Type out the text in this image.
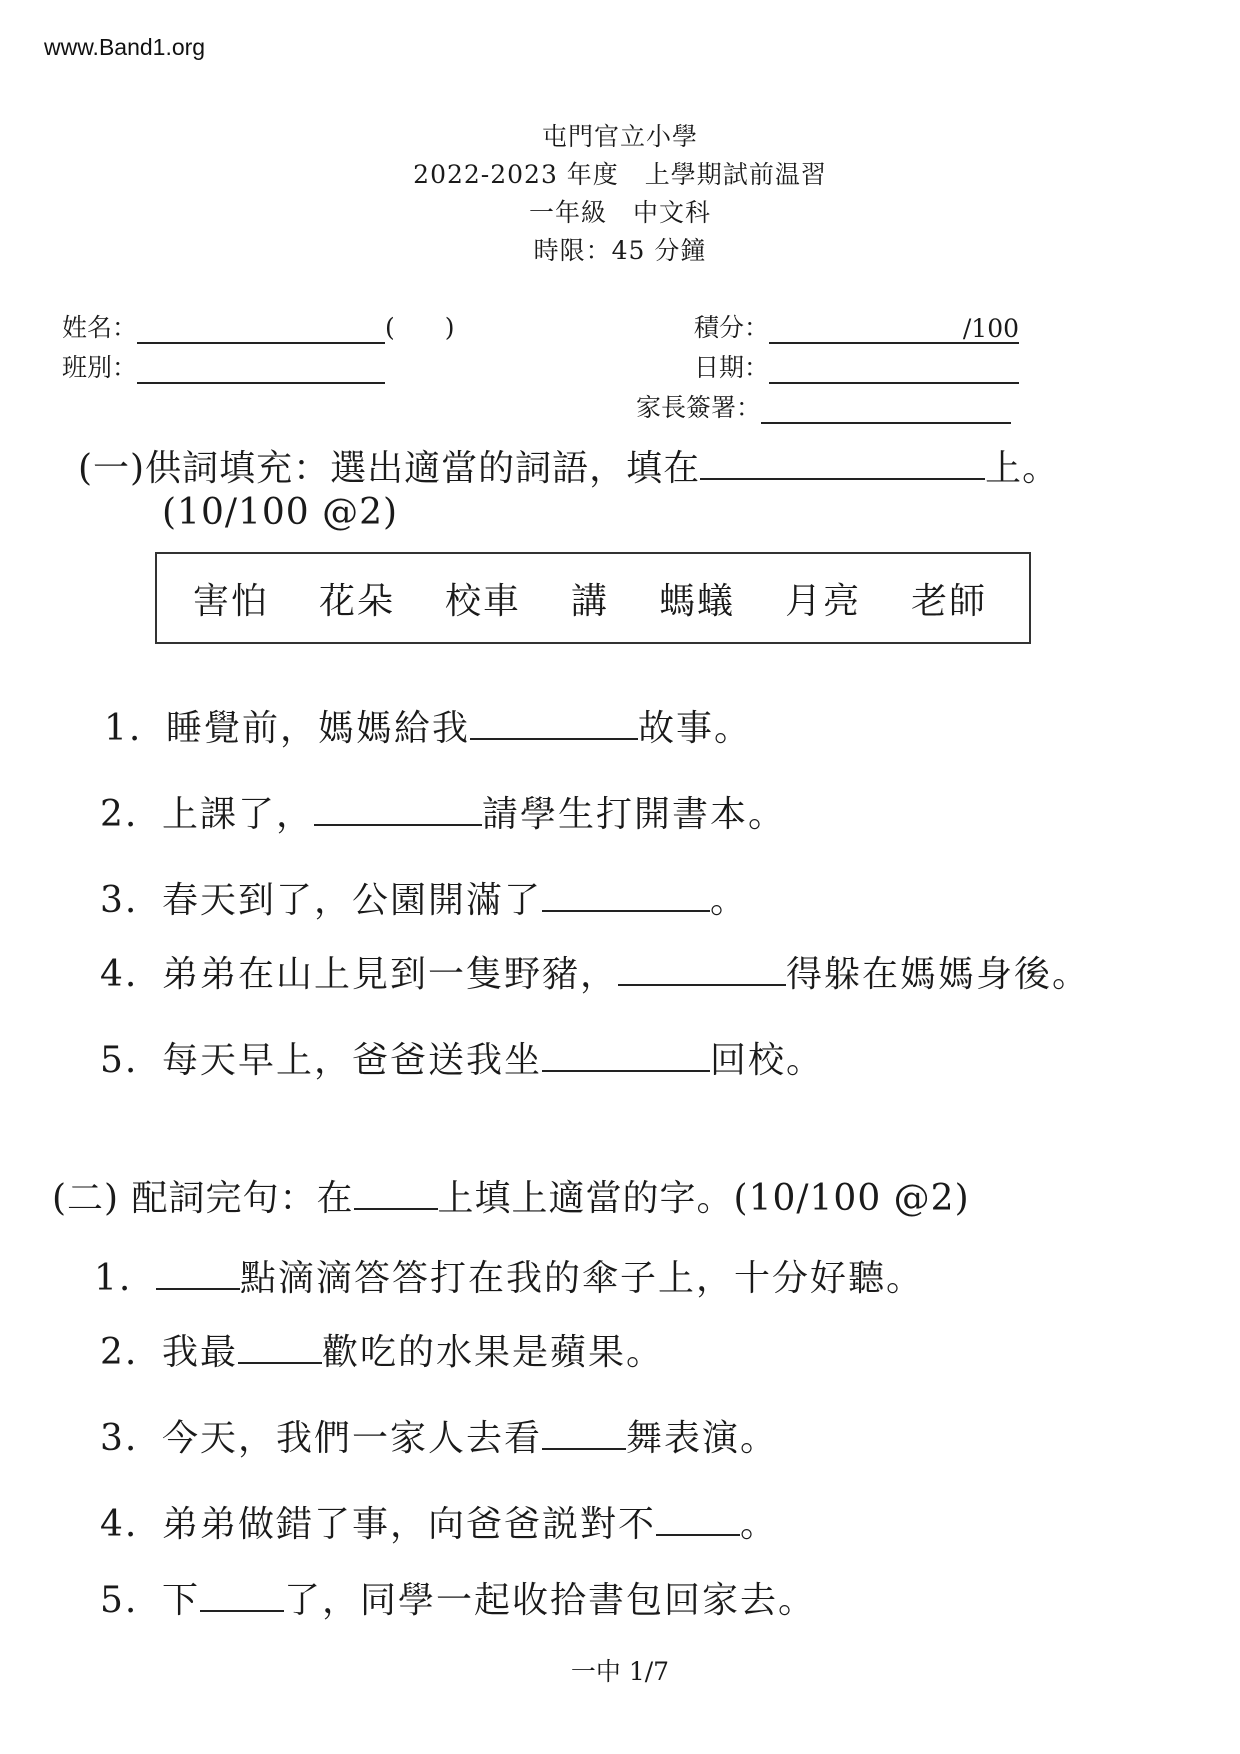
www.Band1.org
屯門官立小學
2022-2023 年度　上學期試前温習
一年級　中文科
時限：45 分鐘
姓名：	(　　)
班別：
積分：	/100
日期：
家長簽署：
(一)供詞填充：選出適當的詞語，填在	上。
(10/100 @2)
害怕 花朵 校車 講 螞蟻 月亮 老師
1. 睡覺前，媽媽給我	故事。
2. 上課了，	請學生打開書本。
3. 春天到了，公園開滿了	。
4. 弟弟在山上見到一隻野豬，	得躲在媽媽身後。
5. 每天早上，爸爸送我坐	回校。
(二) 配詞完句：在 上填上適當的字。(10/100 @2)
1.	點滴滴答答打在我的傘子上，十分好聽。
2. 我最 歡吃的水果是蘋果。
3. 今天，我們一家人去看 舞表演。
4. 弟弟做錯了事，向爸爸説對不 。
5. 下 了，同學一起收拾書包回家去。
一中 1/7
